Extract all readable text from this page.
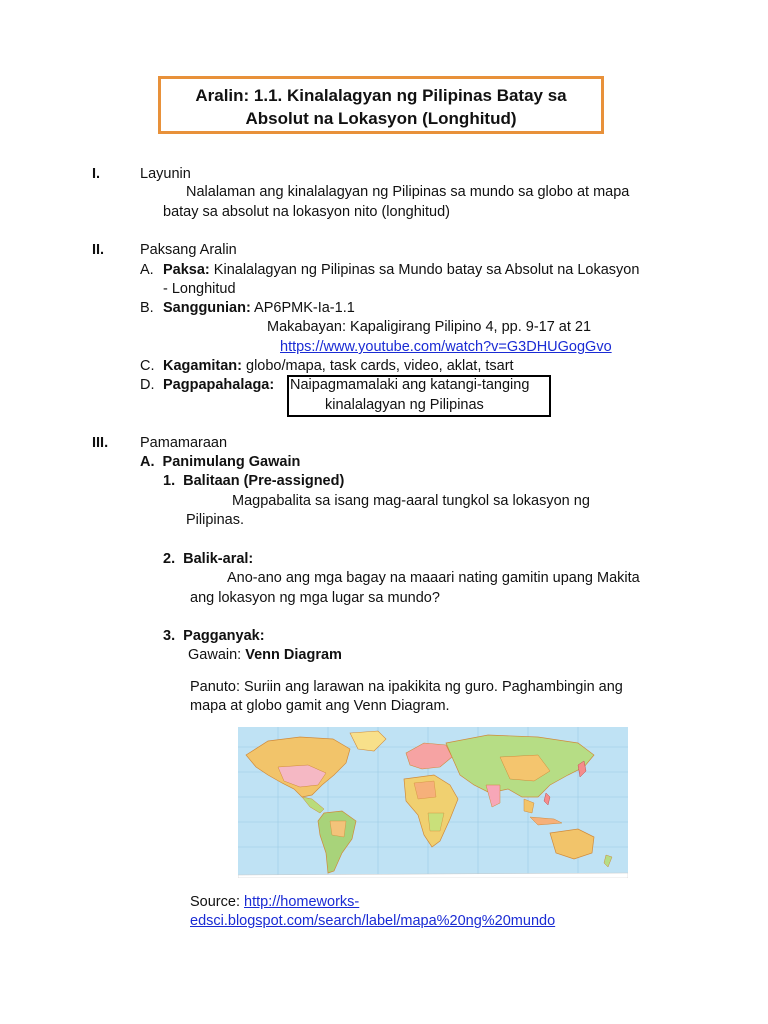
Aralin: 1.1. Kinalalagyan ng Pilipinas Batay sa
Absolut na Lokasyon (Longhitud)
I.	Layunin
Nalalaman ang kinalalagyan ng Pilipinas sa mundo sa globo at mapa
batay sa absolut na lokasyon nito (longhitud)
II. Paksang Aralin
A. Paksa: Kinalalagyan ng Pilipinas sa Mundo batay sa Absolut na Lokasyon
- Longhitud
B. Sanggunian: AP6PMK-Ia-1.1
Makabayan: Kapaligirang Pilipino 4, pp. 9-17 at 21
https://www.youtube.com/watch?v=G3DHUGogGvo
C. Kagamitan: globo/mapa, task cards, video, aklat, tsart
D. Pagpapahalaga: Naipagmamalaki ang katangi-tanging
kinalalagyan ng Pilipinas
III. Pamamaraan
A.  Panimulang Gawain
1.  Balitaan (Pre-assigned)
Magpabalita sa isang mag-aaral tungkol sa lokasyon ng
Pilipinas.
2.  Balik-aral:
Ano-ano ang mga bagay na maaari nating gamitin upang Makita
ang lokasyon ng mga lugar sa mundo?
3.  Pagganyak:
Gawain: Venn Diagram
Panuto: Suriin ang larawan na ipakikita ng guro. Paghambingin ang
mapa at globo gamit ang Venn Diagram.
Source: http://homeworks-
edsci.blogspot.com/search/label/mapa%20ng%20mundo
